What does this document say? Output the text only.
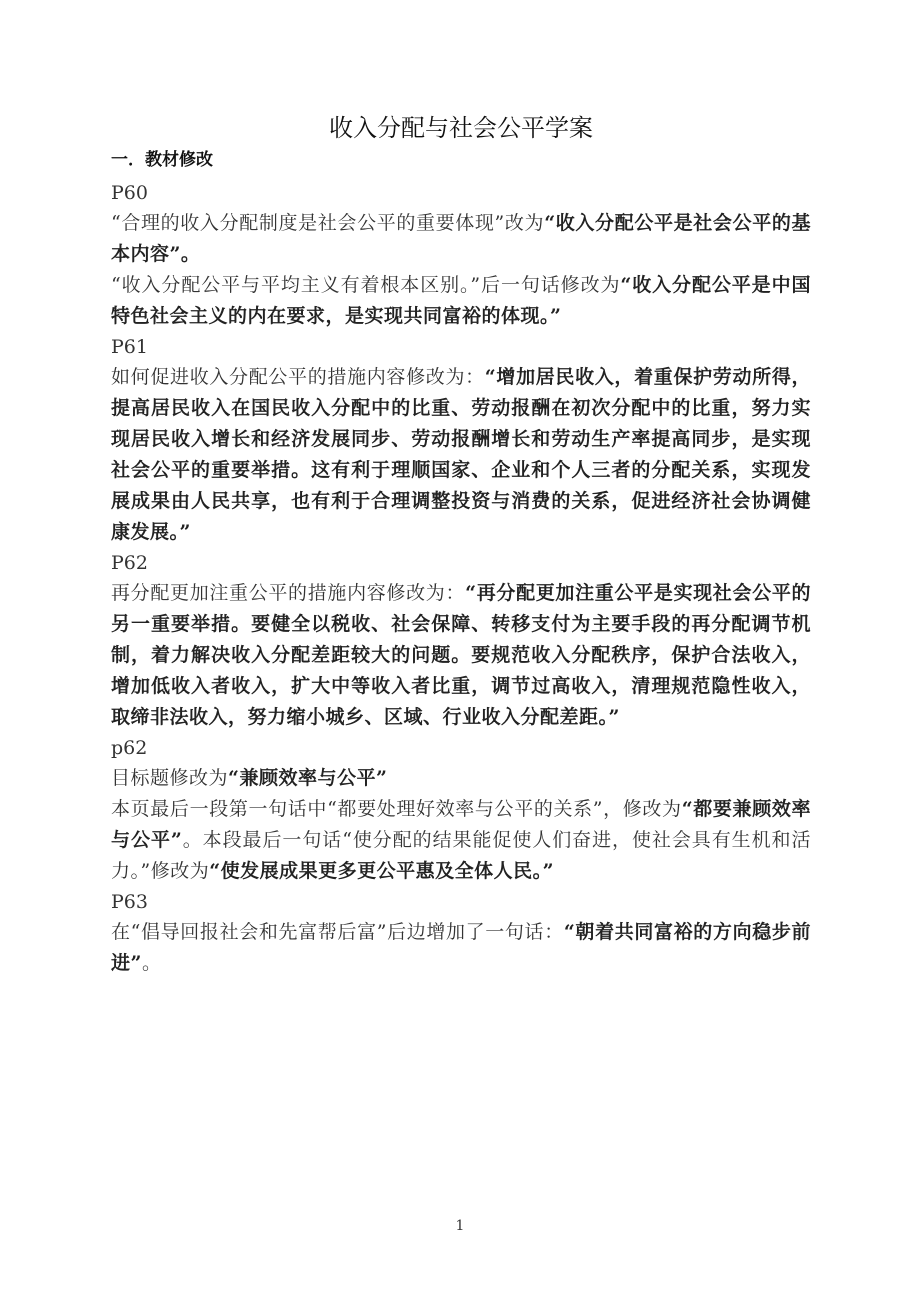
收入分配与社会公平学案
一．教材修改
P60

“合理的收入分配制度是社会公平的重要体现”改为“收入分配公平是社会公平的基本内容”。

“收入分配公平与平均主义有着根本区别。”后一句话修改为“收入分配公平是中国特色社会主义的内在要求，是实现共同富裕的体现。”

P61

如何促进收入分配公平的措施内容修改为：“增加居民收入，着重保护劳动所得，提高居民收入在国民收入分配中的比重、劳动报酬在初次分配中的比重，努力实现居民收入增长和经济发展同步、劳动报酬增长和劳动生产率提高同步，是实现社会公平的重要举措。这有利于理顺国家、企业和个人三者的分配关系，实现发展成果由人民共享，也有利于合理调整投资与消费的关系，促进经济社会协调健康发展。”

P62

再分配更加注重公平的措施内容修改为：“再分配更加注重公平是实现社会公平的另一重要举措。要健全以税收、社会保障、转移支付为主要手段的再分配调节机制，着力解决收入分配差距较大的问题。要规范收入分配秩序，保护合法收入，增加低收入者收入，扩大中等收入者比重，调节过高收入，清理规范隐性收入，取缔非法收入，努力缩小城乡、区域、行业收入分配差距。”

p62

目标题修改为“兼顾效率与公平”

本页最后一段第一句话中“都要处理好效率与公平的关系”，修改为“都要兼顾效率与公平”。本段最后一句话“使分配的结果能促使人们奋进，使社会具有生机和活力。”修改为“使发展成果更多更公平惠及全体人民。”

P63

在“倡导回报社会和先富帮后富”后边增加了一句话：“朝着共同富裕的方向稳步前进”。

1
